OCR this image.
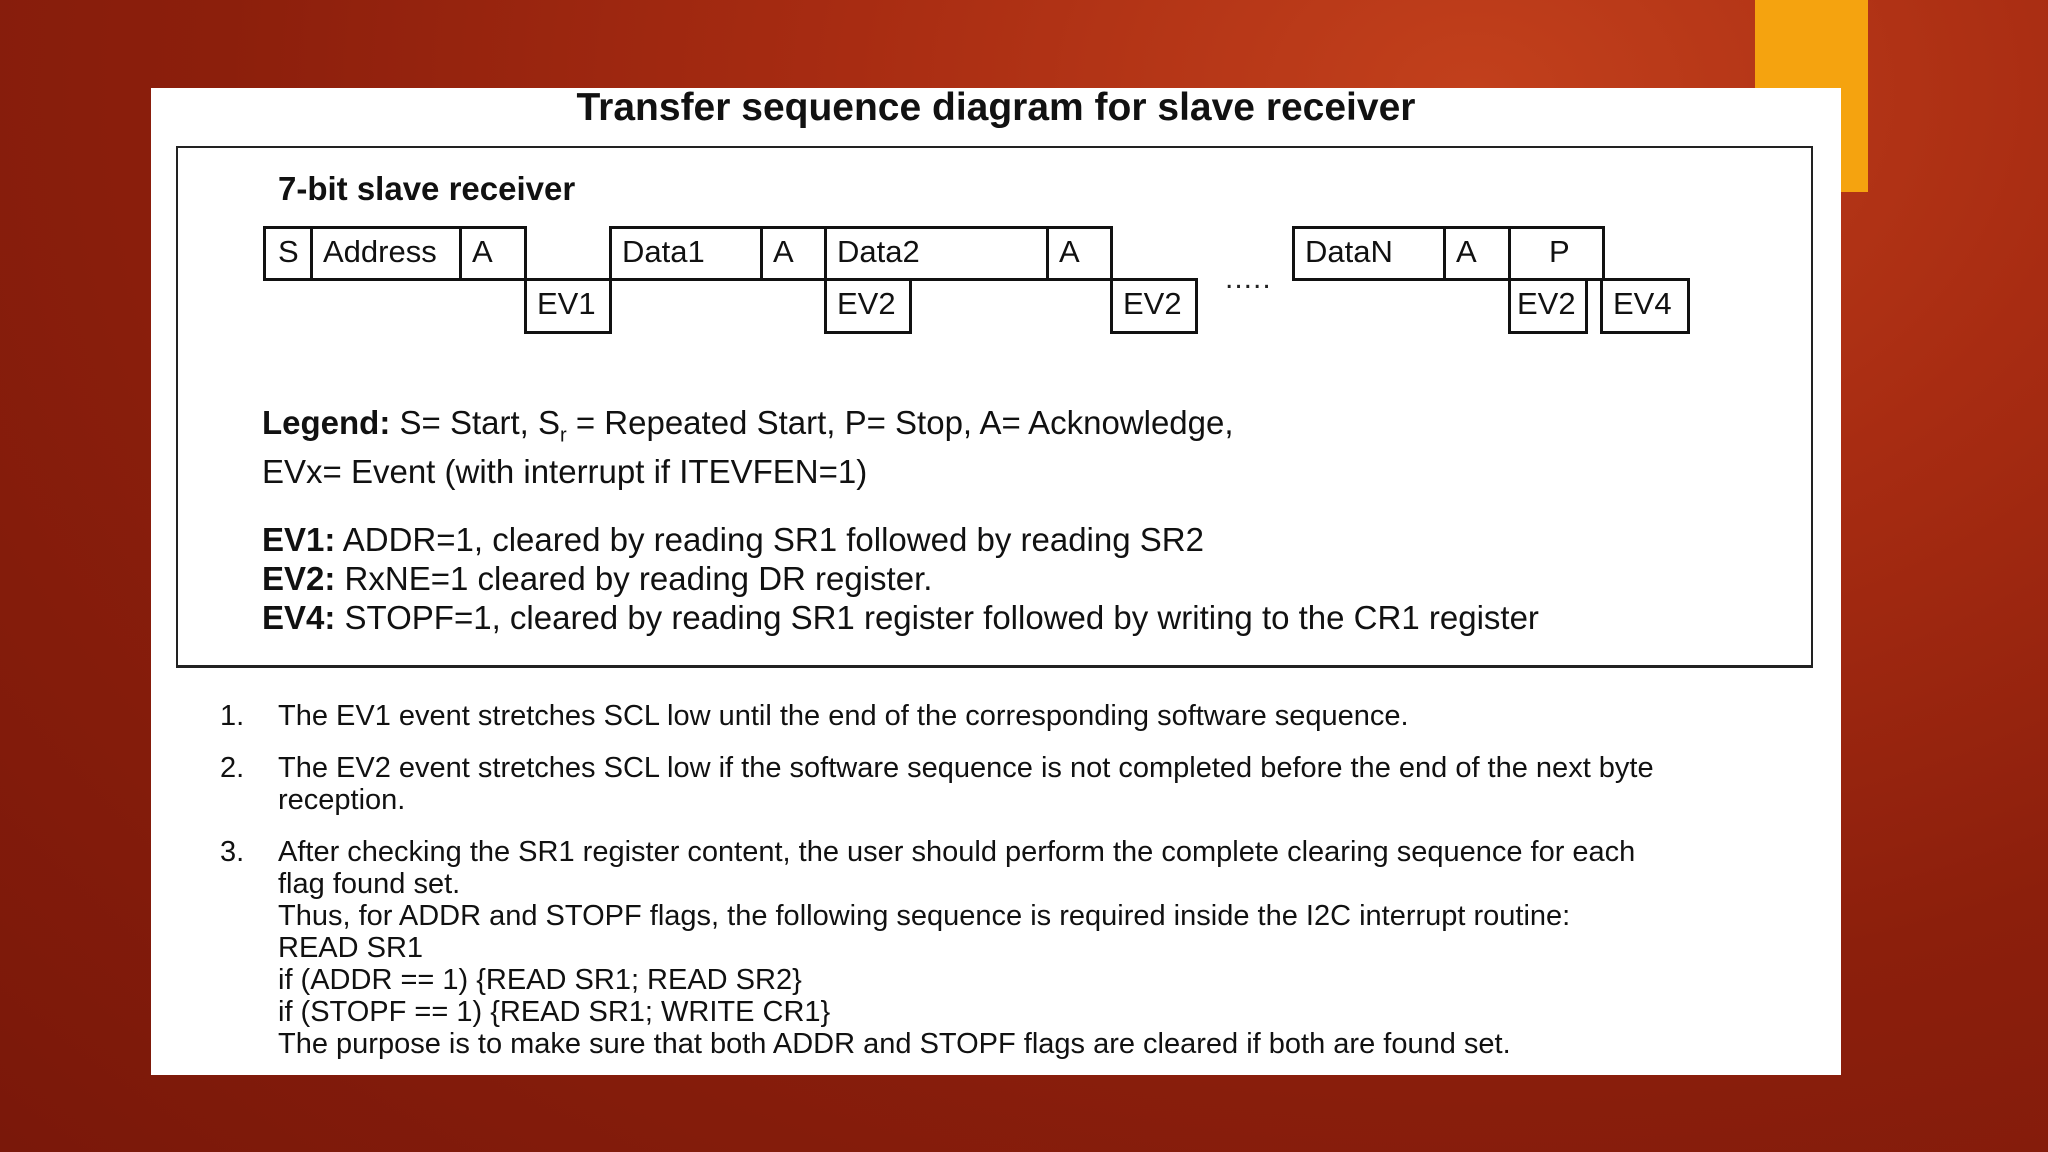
Transfer sequence diagram for slave receiver
7-bit slave receiver
S Address	A	Data1	A	Data2	A	DataN	A	P
EV1	EV2	EV2	EV2	EV4
.....
Legend: S= Start, $S_r$ = Repeated Start, P= Stop, A= Acknowledge,
EVx= Event (with interrupt if ITEVFEN=1)
EV1: ADDR=1, cleared by reading SR1 followed by reading SR2
EV2: RxNE=1 cleared by reading DR register.
EV4: STOPF=1, cleared by reading SR1 register followed by writing to the CR1 register
1. The EV1 event stretches SCL low until the end of the corresponding software sequence.
2. The EV2 event stretches SCL low if the software sequence is not completed before the end of the next byte
reception.
3. After checking the SR1 register content, the user should perform the complete clearing sequence for each
flag found set.
Thus, for ADDR and STOPF flags, the following sequence is required inside the I2C interrupt routine:
READ SR1
if (ADDR == 1) {READ SR1; READ SR2}
if (STOPF == 1) {READ SR1; WRITE CR1}
The purpose is to make sure that both ADDR and STOPF flags are cleared if both are found set.
